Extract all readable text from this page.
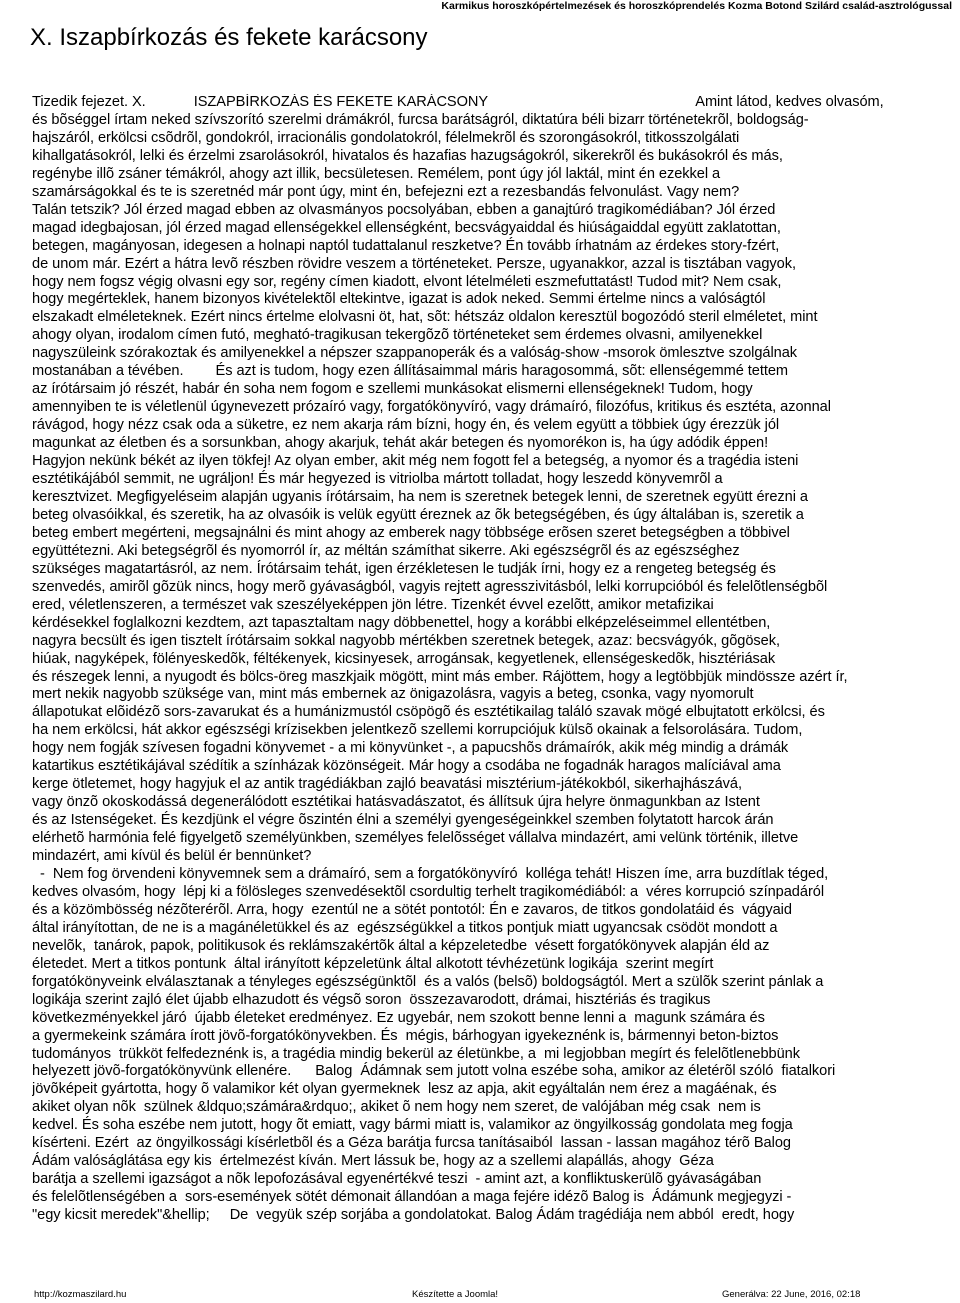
Karmikus horoszkópértelmezések és horoszkóprendelés Kozma Botond Szilárd család-asztrológussal
X. Iszapbírkozás és fekete karácsony
Tizedik fejezet. X.            ISZAPBÍRKOZÁS ÉS FEKETE KARÁCSONY                                                    Amint látod, kedves olvasóm,
és bõséggel írtam neked szívszorító szerelmi drámákról, furcsa barátságról, diktatúra béli bizarr történetekrõl, boldogság-
hajszáról, erkölcsi csõdrõl, gondokról, irracionális gondolatokról, félelmekrõl és szorongásokról, titkosszolgálati
kihallgatásokról, lelki és érzelmi zsarolásokról, hivatalos és hazafias hazugságokról, sikerekrõl és bukásokról és más,
regénybe illõ zsáner témákról, ahogy azt illik, becsületesen. Remélem, pont úgy jól laktál, mint én ezekkel a
szamárságokkal és te is szeretnéd már pont úgy, mint én, befejezni ezt a rezesbandás felvonulást. Vagy nem?
Talán tetszik? Jól érzed magad ebben az olvasmányos pocsolyában, ebben a ganajtúró tragikomédiában? Jól érzed
magad idegbajosan, jól érzed magad ellenségekkel ellenségként, becsvágyaiddal és hiúságaiddal együtt zaklatottan,
betegen, magányosan, idegesen a holnapi naptól tudattalanul reszketve? Én tovább írhatnám az érdekes story-fzért,
de unom már. Ezért a hátra levõ részben rövidre veszem a történeteket. Persze, ugyanakkor, azzal is tisztában vagyok,
hogy nem fogsz végig olvasni egy sor, regény címen kiadott, elvont lételméleti eszmefuttatást! Tudod mit? Nem csak,
hogy megérteklek, hanem bizonyos kivételektõl eltekintve, igazat is adok neked. Semmi értelme nincs a valóságtól
elszakadt elméleteknek. Ezért nincs értelme elolvasni öt, hat, sõt: hétszáz oldalon keresztül bogozódó steril elméletet, mint
ahogy olyan, irodalom címen futó, megható-tragikusan tekergõzõ történeteket sem érdemes olvasni, amilyenekkel
nagyszüleink szórakoztak és amilyenekkel a népszer szappanoperák és a valóság-show -msorok ömlesztve szolgálnak
mostanában a tévében.        És azt is tudom, hogy ezen állításaimmal máris haragosommá, sõt: ellenségemmé tettem
az írótársaim jó részét, habár én soha nem fogom e szellemi munkásokat elismerni ellenségeknek! Tudom, hogy
amennyiben te is véletlenül úgynevezett prózaíró vagy, forgatókönyvíró, vagy drámaíró, filozófus, kritikus és esztéta, azonnal
rávágod, hogy nézz csak oda a süketre, ez nem akarja rám bízni, hogy én, és velem együtt a többiek úgy érezzük jól
magunkat az életben és a sorsunkban, ahogy akarjuk, tehát akár betegen és nyomorékon is, ha úgy adódik éppen!
Hagyjon nekünk békét az ilyen tökfej! Az olyan ember, akit még nem fogott fel a betegség, a nyomor és a tragédia isteni
esztétikájából semmit, ne ugráljon! És már hegyezed is vitriolba mártott tolladat, hogy leszedd könyvemrõl a
keresztvizet. Megfigyeléseim alapján ugyanis írótársaim, ha nem is szeretnek betegek lenni, de szeretnek együtt érezni a
beteg olvasóikkal, és szeretik, ha az olvasóik is velük együtt éreznek az õk betegségében, és úgy általában is, szeretik a
beteg embert megérteni, megsajnálni és mint ahogy az emberek nagy többsége erõsen szeret betegségben a többivel
együttétezni. Aki betegségrõl és nyomorról ír, az méltán számíthat sikerre. Aki egészségrõl és az egészséghez
szükséges magatartásról, az nem. Írótársaim tehát, igen érzékletesen le tudják írni, hogy ez a rengeteg betegség és
szenvedés, amirõl gõzük nincs, hogy merõ gyávaságból, vagyis rejtett agresszivitásból, lelki korrupcióból és felelõtlenségbõl
ered, véletlenszeren, a természet vak szeszélyeképpen jön létre. Tizenkét évvel ezelõtt, amikor metafizikai
kérdésekkel foglalkozni kezdtem, azt tapasztaltam nagy döbbenettel, hogy a korábbi elképzeléseimmel ellentétben,
nagyra becsült és igen tisztelt írótársaim sokkal nagyobb mértékben szeretnek betegek, azaz: becsvágyók, gõgösek,
hiúak, nagyképek, fölényeskedõk, féltékenyek, kicsinyesek, arrogánsak, kegyetlenek, ellenségeskedõk, hisztériásak
és részegek lenni, a nyugodt és bölcs-öreg maszkjaik mögött, mint más ember. Rájöttem, hogy a legtöbbjük mindössze azért ír,
mert nekik nagyobb szüksége van, mint más embernek az önigazolásra, vagyis a beteg, csonka, vagy nyomorult
állapotukat elõidézõ sors-zavarukat és a humánizmustól csöpögõ és esztétikailag találó szavak mögé elbujtatott erkölcsi, és
ha nem erkölcsi, hát akkor egészségi krízisekben jelentkezõ szellemi korrupciójuk külsõ okainak a felsorolására. Tudom,
hogy nem fogják szívesen fogadni könyvemet - a mi könyvünket -, a papucshõs drámaírók, akik még mindig a drámák
katartikus esztétikájával szédítik a színházak közönségeit. Már hogy a csodába ne fogadnák haragos malíciával ama
kerge ötletemet, hogy hagyjuk el az antik tragédiákban zajló beavatási misztérium-játékokból, sikerhajhászává,
vagy önzõ okoskodássá degenerálódott esztétikai hatásvadászatot, és állítsuk újra helyre önmagunkban az Istent
és az Istenségeket. És kezdjünk el végre õszintén élni a személyi gyengeségeinkkel szemben folytatott harcok árán
elérhetõ harmónia felé figyelgetõ személyünkben, személyes felelõsséget vállalva mindazért, ami velünk történik, illetve
mindazért, ami kívül és belül ér bennünket?
-  Nem fog örvendeni könyvemnek sem a drámaíró, sem a forgatókönyvíró  kollégа tehát! Hiszen íme, arra buzdítlak téged,
kedves olvasóm, hogy  lépj ki a fölösleges szenvedésektõl csordultig terhelt tragikomédiából: a  véres korrupció színpadáról
és a közömbösség nézõterérõl. Arra, hogy  ezentúl ne a sötét pontotól: Én e zavaros, de titkos gondolatáid és  vágyaid
által irányítottan, de ne is a magánéletükkel és az  egészségükkel a titkos pontjuk miatt ugyancsak csödöt mondott a
nevelõk,  tanárok, papok, politikusok és reklámszakértõk által a képzeletedbe  vésett forgatókönyvek alapján éld az
életedet. Mert a titkos pontunk  által irányított képzeletünk által alkotott tévhézetünk logikája  szerint megírt
forgatókönyveink elválasztanak a tényleges egészségünktõl  és a valós (belsõ) boldogságtól. Mert a szülõk szerint pánlak a
logikája szerint zajló élet újabb elhazudott és végsõ soron  összezavarodott, drámai, hisztériás és tragikus
következményekkel járó  újabb életeket eredményez. Ez ugyebár, nem szokott benne lenni a  magunk számára és
a gyermekeink számára írott jövõ-forgatókönyvekben. És  mégis, bárhogyan igyekeznénk is, bármennyi beton-biztos
tudományos  trükköt felfedeznénk is, a tragédia mindig bekerül az életünkbe, a  mi legjobban megírt és felelõtlenebbünk
helyezett jövõ-forgatókönyvünk ellenére.      Balog  Ádámnak sem jutott volna eszébe soha, amikor az életérõl szóló  fiatalkori
jövõképeit gyártotta, hogy õ valamikor két olyan gyermeknek  lesz az apja, akit egyáltalán nem érez a magáénak, és
akiket olyan nõk  szülnek &ldquo;számára&rdquo;, akiket õ nem hogy nem szeret, de valójában még csak  nem is
kedvel. És soha eszébe nem jutott, hogy õt emiatt, vagy bármi miatt is, valamikor az öngyilkosság gondolata meg fogja
kísérteni. Ezért  az öngyilkossági kísérletbõl és a Géza barátja furcsa tanításaiból  lassan - lassan magához térõ Balog
Ádám valóságlátása egy kis  értelmezést kíván. Mert lássuk be, hogy az a szellemi alapállás, ahogy  Géza
barátja a szellemi igazságot a nõk lepofozásával egyenértékvé teszi  - amint azt, a konfliktuskerülõ gyávaságában
és felelõtlenségében a  sors-események sötét démonait állandóan a maga fejére idézõ Balog is  Ádámunk megjegyzi -
"egy kicsit meredek"&hellip;     De  vegyük szép sorjába a gondolatokat. Balog Ádám tragédiája nem abból  eredt, hogy
http://kozmaszilard.hu	Készítette a Joomla!	Generálva: 22 June, 2016, 02:18
